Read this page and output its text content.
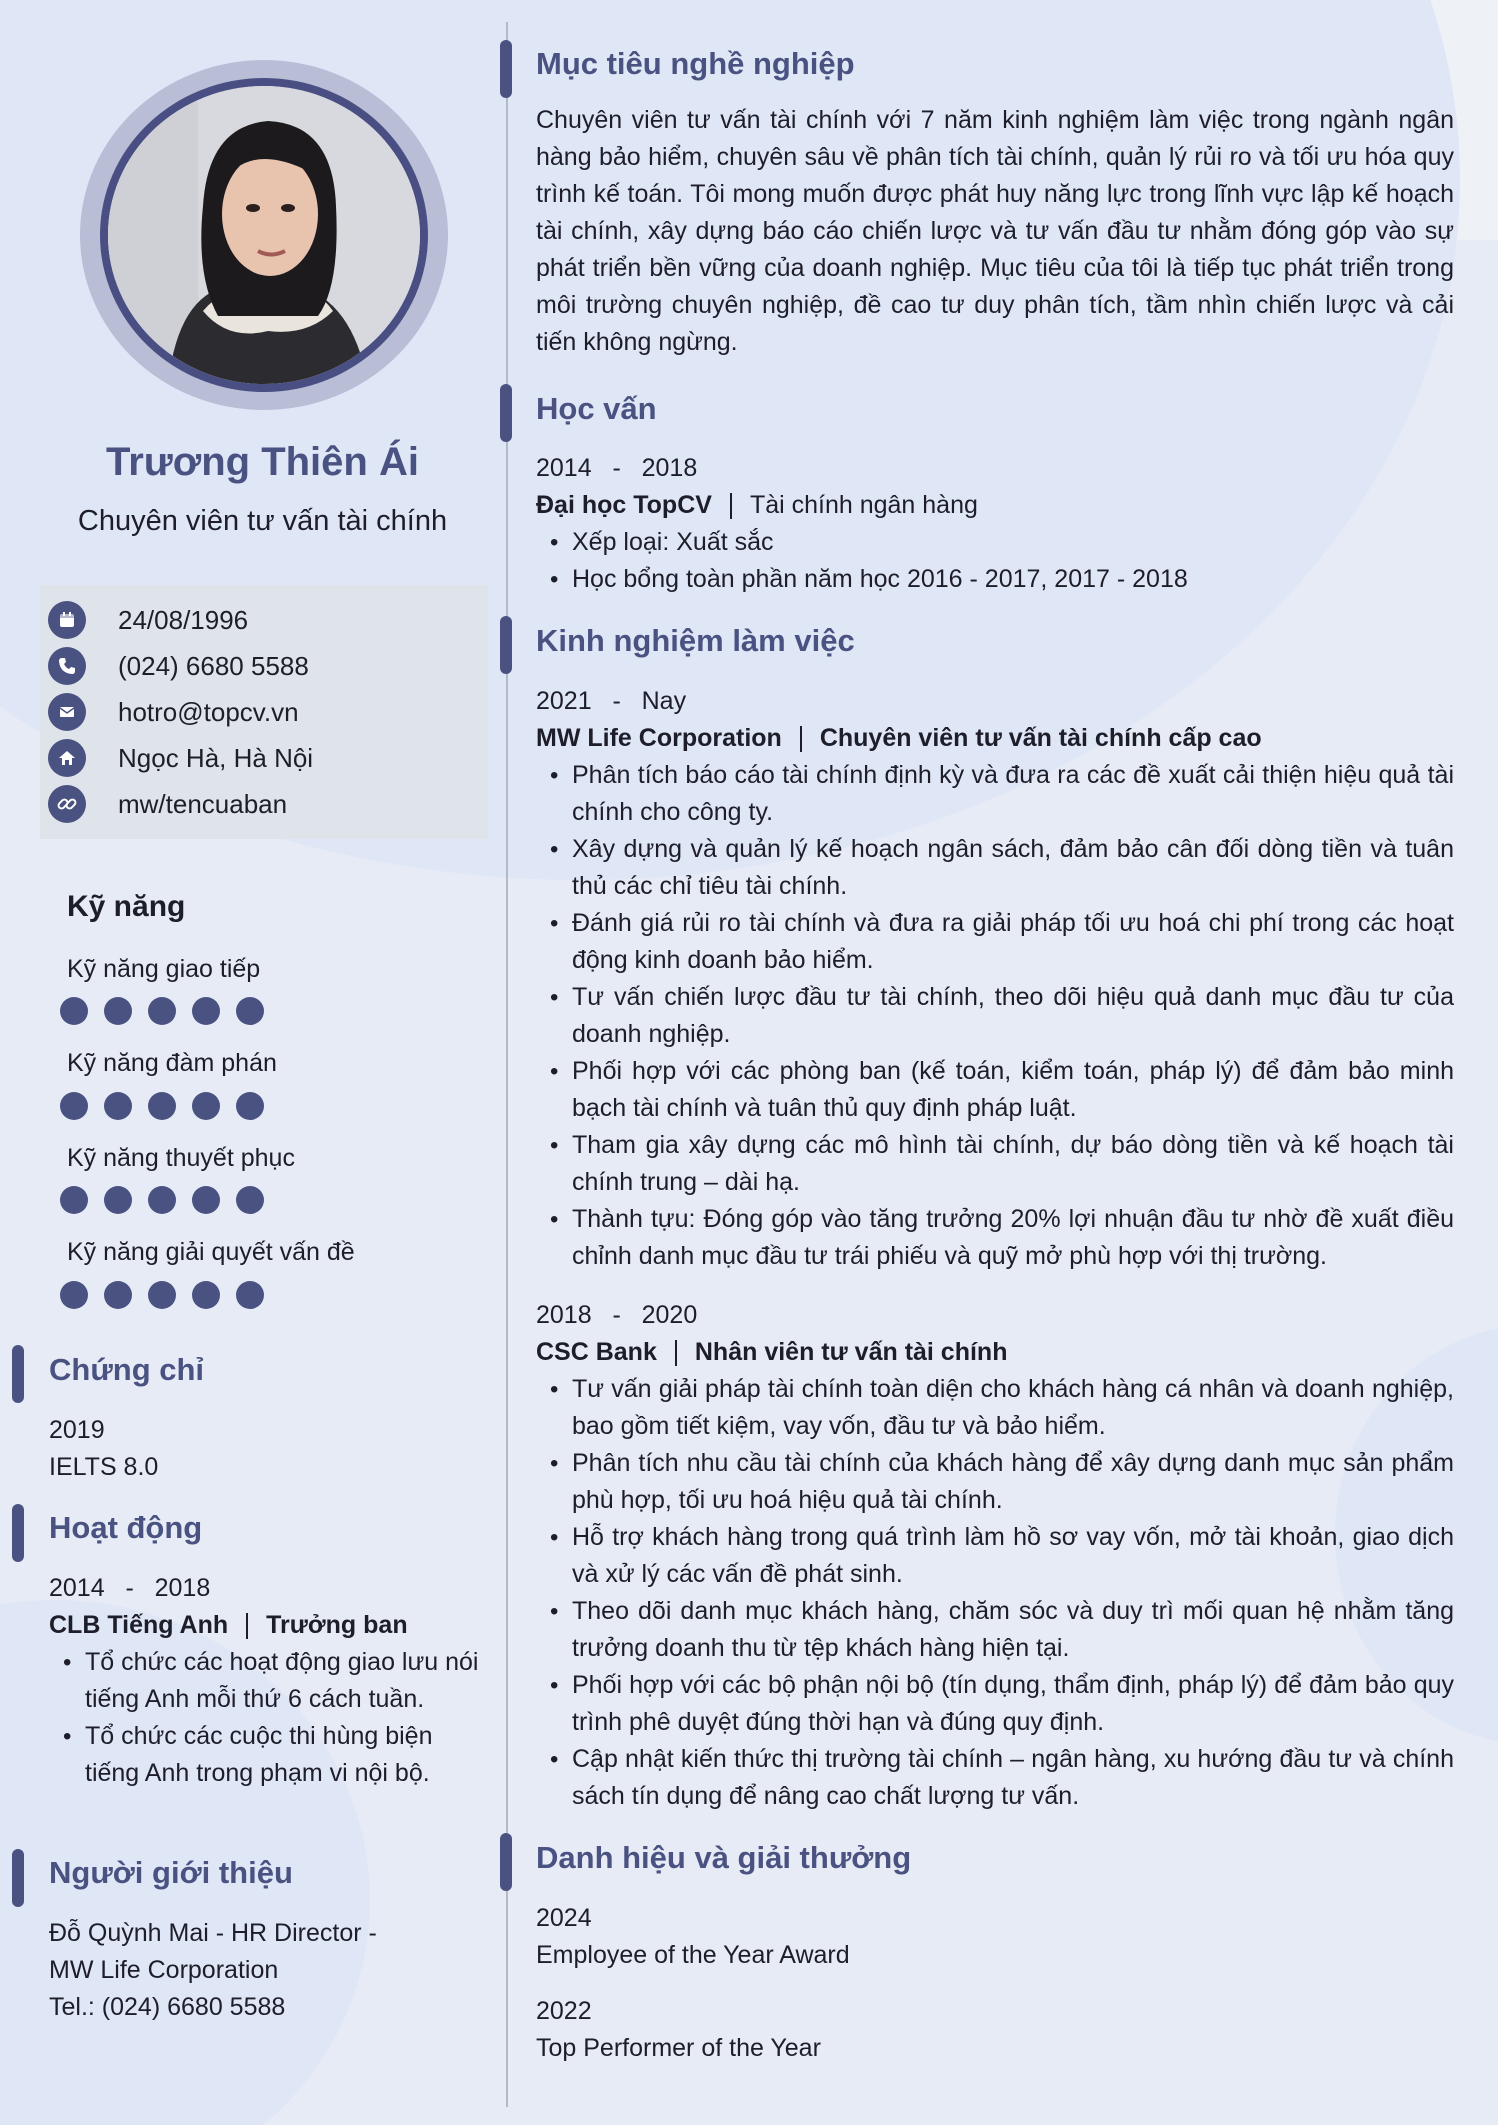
Trương Thiên Ái
Chuyên viên tư vấn tài chính
24/08/1996
(024) 6680 5588
hotro@topcv.vn
Ngọc Hà, Hà Nội
mw/tencuaban
Kỹ năng
Kỹ năng giao tiếp
Kỹ năng đàm phán
Kỹ năng thuyết phục
Kỹ năng giải quyết vấn đề
Chứng chỉ
2019
IELTS 8.0
Hoạt động
2014   -   2018
CLB Tiếng Anh Trưởng ban
• Tổ chức các hoạt động giao lưu nói tiếng Anh mỗi thứ 6 cách tuần.
• Tổ chức các cuộc thi hùng biện tiếng Anh trong phạm vi nội bộ.
Người giới thiệu
Đỗ Quỳnh Mai - HR Director -
MW Life Corporation
Tel.: (024) 6680 5588
Mục tiêu nghề nghiệp
Chuyên viên tư vấn tài chính với 7 năm kinh nghiệm làm việc trong ngành ngân hàng bảo hiểm, chuyên sâu về phân tích tài chính, quản lý rủi ro và tối ưu hóa quy trình kế toán. Tôi mong muốn được phát huy năng lực trong lĩnh vực lập kế hoạch tài chính, xây dựng báo cáo chiến lược và tư vấn đầu tư nhằm đóng góp vào sự phát triển bền vững của doanh nghiệp. Mục tiêu của tôi là tiếp tục phát triển trong môi trường chuyên nghiệp, đề cao tư duy phân tích, tầm nhìn chiến lược và cải tiến không ngừng.
Học vấn
2014   -   2018
Đại học TopCV Tài chính ngân hàng
• Xếp loại: Xuất sắc
• Học bổng toàn phần năm học 2016 - 2017, 2017 - 2018
Kinh nghiệm làm việc
2021   -   Nay
MW Life Corporation Chuyên viên tư vấn tài chính cấp cao
• Phân tích báo cáo tài chính định kỳ và đưa ra các đề xuất cải thiện hiệu quả tài chính cho công ty.
• Xây dựng và quản lý kế hoạch ngân sách, đảm bảo cân đối dòng tiền và tuân thủ các chỉ tiêu tài chính.
• Đánh giá rủi ro tài chính và đưa ra giải pháp tối ưu hoá chi phí trong các hoạt động kinh doanh bảo hiểm.
• Tư vấn chiến lược đầu tư tài chính, theo dõi hiệu quả danh mục đầu tư của doanh nghiệp.
• Phối hợp với các phòng ban (kế toán, kiểm toán, pháp lý) để đảm bảo minh bạch tài chính và tuân thủ quy định pháp luật.
• Tham gia xây dựng các mô hình tài chính, dự báo dòng tiền và kế hoạch tài chính trung – dài hạ.
• Thành tựu: Đóng góp vào tăng trưởng 20% lợi nhuận đầu tư nhờ đề xuất điều chỉnh danh mục đầu tư trái phiếu và quỹ mở phù hợp với thị trường.
2018   -   2020
CSC Bank Nhân viên tư vấn tài chính
• Tư vấn giải pháp tài chính toàn diện cho khách hàng cá nhân và doanh nghiệp, bao gồm tiết kiệm, vay vốn, đầu tư và bảo hiểm.
• Phân tích nhu cầu tài chính của khách hàng để xây dựng danh mục sản phẩm phù hợp, tối ưu hoá hiệu quả tài chính.
• Hỗ trợ khách hàng trong quá trình làm hồ sơ vay vốn, mở tài khoản, giao dịch và xử lý các vấn đề phát sinh.
• Theo dõi danh mục khách hàng, chăm sóc và duy trì mối quan hệ nhằm tăng trưởng doanh thu từ tệp khách hàng hiện tại.
• Phối hợp với các bộ phận nội bộ (tín dụng, thẩm định, pháp lý) để đảm bảo quy trình phê duyệt đúng thời hạn và đúng quy định.
• Cập nhật kiến thức thị trường tài chính – ngân hàng, xu hướng đầu tư và chính sách tín dụng để nâng cao chất lượng tư vấn.
Danh hiệu và giải thưởng
2024
Employee of the Year Award
2022
Top Performer of the Year
